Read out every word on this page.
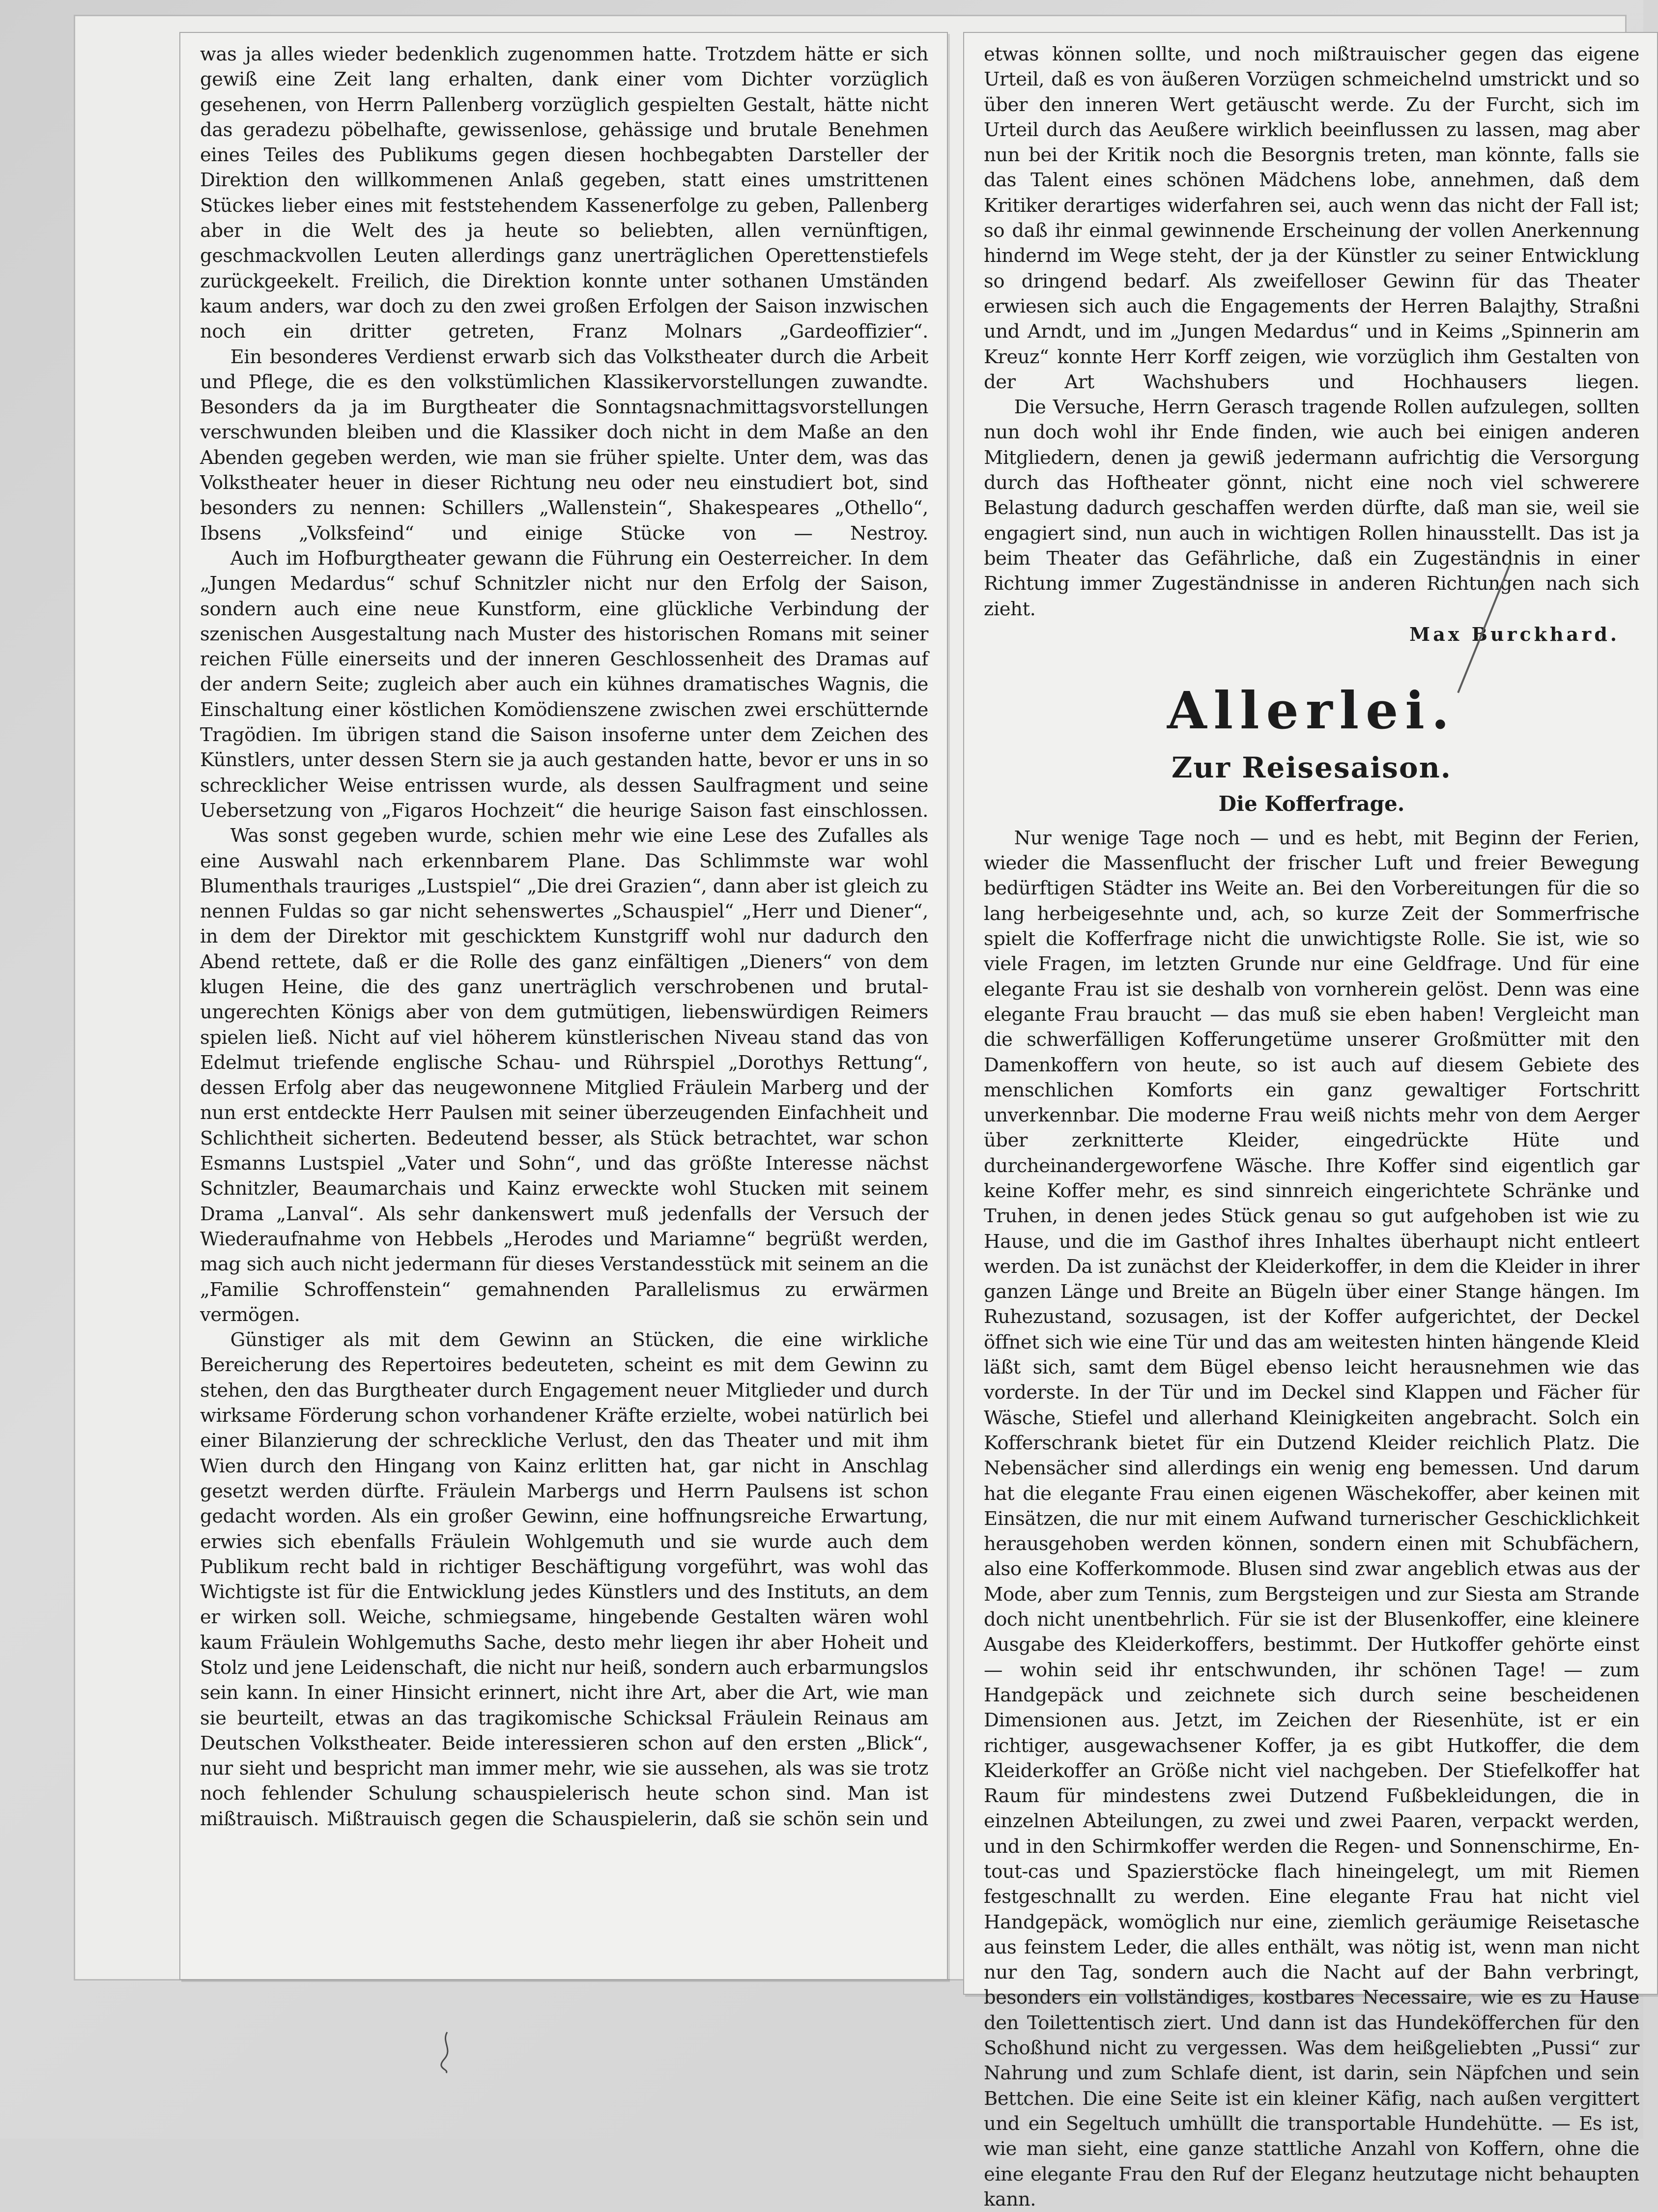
was ja alles wieder bedenklich zugenommen hatte. Trotzdem hätte er sich gewiß eine Zeit lang erhalten, dank einer vom Dichter vorzüglich gesehenen, von Herrn Pallenberg vorzüglich gespielten Gestalt, hätte nicht das geradezu pöbelhafte, gewissenlose, gehässige und brutale Benehmen eines Teiles des Publikums gegen diesen hochbegabten Darsteller der Direktion den willkommenen Anlaß gegeben, statt eines umstrittenen Stückes lieber eines mit feststehendem Kassenerfolge zu geben, Pallenberg aber in die Welt des ja heute so beliebten, allen vernünftigen, geschmackvollen Leuten allerdings ganz unerträglichen Operettenstiefels zurückgeekelt. Freilich, die Direktion konnte unter sothanen Umständen kaum anders, war doch zu den zwei großen Erfolgen der Saison inzwischen noch ein dritter getreten, Franz Molnars „Gardeoffizier“.

Ein besonderes Verdienst erwarb sich das Volkstheater durch die Arbeit und Pflege, die es den volkstümlichen Klassikervorstellungen zuwandte. Besonders da ja im Burgtheater die Sonntagsnachmittagsvorstellungen verschwunden bleiben und die Klassiker doch nicht in dem Maße an den Abenden gegeben werden, wie man sie früher spielte. Unter dem, was das Volkstheater heuer in dieser Richtung neu oder neu einstudiert bot, sind besonders zu nennen: Schillers „Wallenstein“, Shakespeares „Othello“, Ibsens „Volksfeind“ und einige Stücke von — Nestroy.

Auch im Hofburgtheater gewann die Führung ein Oesterreicher. In dem „Jungen Medardus“ schuf Schnitzler nicht nur den Erfolg der Saison, sondern auch eine neue Kunstform, eine glückliche Verbindung der szenischen Ausgestaltung nach Muster des historischen Romans mit seiner reichen Fülle einerseits und der inneren Geschlossenheit des Dramas auf der andern Seite; zugleich aber auch ein kühnes dramatisches Wagnis, die Einschaltung einer köstlichen Komödienszene zwischen zwei erschütternde Tragödien. Im übrigen stand die Saison insoferne unter dem Zeichen des Künstlers, unter dessen Stern sie ja auch gestanden hatte, bevor er uns in so schrecklicher Weise entrissen wurde, als dessen Saulfragment und seine Uebersetzung von „Figaros Hochzeit“ die heurige Saison fast einschlossen.

Was sonst gegeben wurde, schien mehr wie eine Lese des Zufalles als eine Auswahl nach erkennbarem Plane. Das Schlimmste war wohl Blumenthals trauriges „Lustspiel“ „Die drei Grazien“, dann aber ist gleich zu nennen Fuldas so gar nicht sehenswertes „Schauspiel“ „Herr und Diener“, in dem der Direktor mit geschicktem Kunstgriff wohl nur dadurch den Abend rettete, daß er die Rolle des ganz einfältigen „Dieners“ von dem klugen Heine, die des ganz unerträglich verschrobenen und brutal-ungerechten Königs aber von dem gutmütigen, liebenswürdigen Reimers spielen ließ. Nicht auf viel höherem künstlerischen Niveau stand das von Edelmut triefende englische Schau- und Rührspiel „Dorothys Rettung“, dessen Erfolg aber das neugewonnene Mitglied Fräulein Marberg und der nun erst entdeckte Herr Paulsen mit seiner überzeugenden Einfachheit und Schlichtheit sicherten. Bedeutend besser, als Stück betrachtet, war schon Esmanns Lustspiel „Vater und Sohn“, und das größte Interesse nächst Schnitzler, Beaumarchais und Kainz erweckte wohl Stucken mit seinem Drama „Lanval“. Als sehr dankenswert muß jedenfalls der Versuch der Wiederaufnahme von Hebbels „Herodes und Mariamne“ begrüßt werden, mag sich auch nicht jedermann für dieses Verstandesstück mit seinem an die „Familie Schroffenstein“ gemahnenden Parallelismus zu erwärmen vermögen.

Günstiger als mit dem Gewinn an Stücken, die eine wirkliche Bereicherung des Repertoires bedeuteten, scheint es mit dem Gewinn zu stehen, den das Burgtheater durch Engagement neuer Mitglieder und durch wirksame Förderung schon vorhandener Kräfte erzielte, wobei natürlich bei einer Bilanzierung der schreckliche Verlust, den das Theater und mit ihm Wien durch den Hingang von Kainz erlitten hat, gar nicht in Anschlag gesetzt werden dürfte. Fräulein Marbergs und Herrn Paulsens ist schon gedacht worden. Als ein großer Gewinn, eine hoffnungsreiche Erwartung, erwies sich ebenfalls Fräulein Wohlgemuth und sie wurde auch dem Publikum recht bald in richtiger Beschäftigung vorgeführt, was wohl das Wichtigste ist für die Entwicklung jedes Künstlers und des Instituts, an dem er wirken soll. Weiche, schmiegsame, hingebende Gestalten wären wohl kaum Fräulein Wohlgemuths Sache, desto mehr liegen ihr aber Hoheit und Stolz und jene Leidenschaft, die nicht nur heiß, sondern auch erbarmungslos sein kann. In einer Hinsicht erinnert, nicht ihre Art, aber die Art, wie man sie beurteilt, etwas an das tragikomische Schicksal Fräulein Reinaus am Deutschen Volkstheater. Beide interessieren schon auf den ersten „Blick“, nur sieht und bespricht man immer mehr, wie sie aussehen, als was sie trotz noch fehlender Schulung schauspielerisch heute schon sind. Man ist mißtrauisch. Mißtrauisch gegen die Schauspielerin, daß sie schön sein und

etwas können sollte, und noch mißtrauischer gegen das eigene Urteil, daß es von äußeren Vorzügen schmeichelnd umstrickt und so über den inneren Wert getäuscht werde. Zu der Furcht, sich im Urteil durch das Aeußere wirklich beeinflussen zu lassen, mag aber nun bei der Kritik noch die Besorgnis treten, man könnte, falls sie das Talent eines schönen Mädchens lobe, annehmen, daß dem Kritiker derartiges widerfahren sei, auch wenn das nicht der Fall ist; so daß ihr einmal gewinnende Erscheinung der vollen Anerkennung hindernd im Wege steht, der ja der Künstler zu seiner Entwicklung so dringend bedarf. Als zweifelloser Gewinn für das Theater erwiesen sich auch die Engagements der Herren Balajthy, Straßni und Arndt, und im „Jungen Medardus“ und in Keims „Spinnerin am Kreuz“ konnte Herr Korff zeigen, wie vorzüglich ihm Gestalten von der Art Wachshubers und Hochhausers liegen.

Die Versuche, Herrn Gerasch tragende Rollen aufzulegen, sollten nun doch wohl ihr Ende finden, wie auch bei einigen anderen Mitgliedern, denen ja gewiß jedermann aufrichtig die Versorgung durch das Hoftheater gönnt, nicht eine noch viel schwerere Belastung dadurch geschaffen werden dürfte, daß man sie, weil sie engagiert sind, nun auch in wichtigen Rollen hinausstellt. Das ist ja beim Theater das Gefährliche, daß ein Zugeständnis in einer Richtung immer Zugeständnisse in anderen Richtungen nach sich zieht.

Max Burckhard.

Allerlei.
Zur Reisesaison.
Die Kofferfrage.

Nur wenige Tage noch — und es hebt, mit Beginn der Ferien, wieder die Massenflucht der frischer Luft und freier Bewegung bedürftigen Städter ins Weite an. Bei den Vorbereitungen für die so lang herbeigesehnte und, ach, so kurze Zeit der Sommerfrische spielt die Kofferfrage nicht die unwichtigste Rolle. Sie ist, wie so viele Fragen, im letzten Grunde nur eine Geldfrage. Und für eine elegante Frau ist sie deshalb von vornherein gelöst. Denn was eine elegante Frau braucht — das muß sie eben haben! Vergleicht man die schwerfälligen Kofferungetüme unserer Großmütter mit den Damenkoffern von heute, so ist auch auf diesem Gebiete des menschlichen Komforts ein ganz gewaltiger Fortschritt unverkennbar. Die moderne Frau weiß nichts mehr von dem Aerger über zerknitterte Kleider, eingedrückte Hüte und durcheinandergeworfene Wäsche. Ihre Koffer sind eigentlich gar keine Koffer mehr, es sind sinnreich eingerichtete Schränke und Truhen, in denen jedes Stück genau so gut aufgehoben ist wie zu Hause, und die im Gasthof ihres Inhaltes überhaupt nicht entleert werden. Da ist zunächst der Kleiderkoffer, in dem die Kleider in ihrer ganzen Länge und Breite an Bügeln über einer Stange hängen. Im Ruhezustand, sozusagen, ist der Koffer aufgerichtet, der Deckel öffnet sich wie eine Tür und das am weitesten hinten hängende Kleid läßt sich, samt dem Bügel ebenso leicht herausnehmen wie das vorderste. In der Tür und im Deckel sind Klappen und Fächer für Wäsche, Stiefel und allerhand Kleinigkeiten angebracht. Solch ein Kofferschrank bietet für ein Dutzend Kleider reichlich Platz. Die Nebensächer sind allerdings ein wenig eng bemessen. Und darum hat die elegante Frau einen eigenen Wäschekoffer, aber keinen mit Einsätzen, die nur mit einem Aufwand turnerischer Geschicklichkeit herausgehoben werden können, sondern einen mit Schubfächern, also eine Kofferkommode. Blusen sind zwar angeblich etwas aus der Mode, aber zum Tennis, zum Bergsteigen und zur Siesta am Strande doch nicht unentbehrlich. Für sie ist der Blusenkoffer, eine kleinere Ausgabe des Kleiderkoffers, bestimmt. Der Hutkoffer gehörte einst — wohin seid ihr entschwunden, ihr schönen Tage! — zum Handgepäck und zeichnete sich durch seine bescheidenen Dimensionen aus. Jetzt, im Zeichen der Riesenhüte, ist er ein richtiger, ausgewachsener Koffer, ja es gibt Hutkoffer, die dem Kleiderkoffer an Größe nicht viel nachgeben. Der Stiefelkoffer hat Raum für mindestens zwei Dutzend Fußbekleidungen, die in einzelnen Abteilungen, zu zwei und zwei Paaren, verpackt werden, und in den Schirmkoffer werden die Regen- und Sonnenschirme, En-tout-cas und Spazierstöcke flach hineingelegt, um mit Riemen festgeschnallt zu werden. Eine elegante Frau hat nicht viel Handgepäck, womöglich nur eine, ziemlich geräumige Reisetasche aus feinstem Leder, die alles enthält, was nötig ist, wenn man nicht nur den Tag, sondern auch die Nacht auf der Bahn verbringt, besonders ein vollständiges, kostbares Necessaire, wie es zu Hause den Toilettentisch ziert. Und dann ist das Hundeköfferchen für den Schoßhund nicht zu vergessen. Was dem heißgeliebten „Pussi“ zur Nahrung und zum Schlafe dient, ist darin, sein Näpfchen und sein Bettchen. Die eine Seite ist ein kleiner Käfig, nach außen vergittert und ein Segeltuch umhüllt die transportable Hundehütte. — Es ist, wie man sieht, eine ganze stattliche Anzahl von Koffern, ohne die eine elegante Frau den Ruf der Eleganz heutzutage nicht behaupten kann.
